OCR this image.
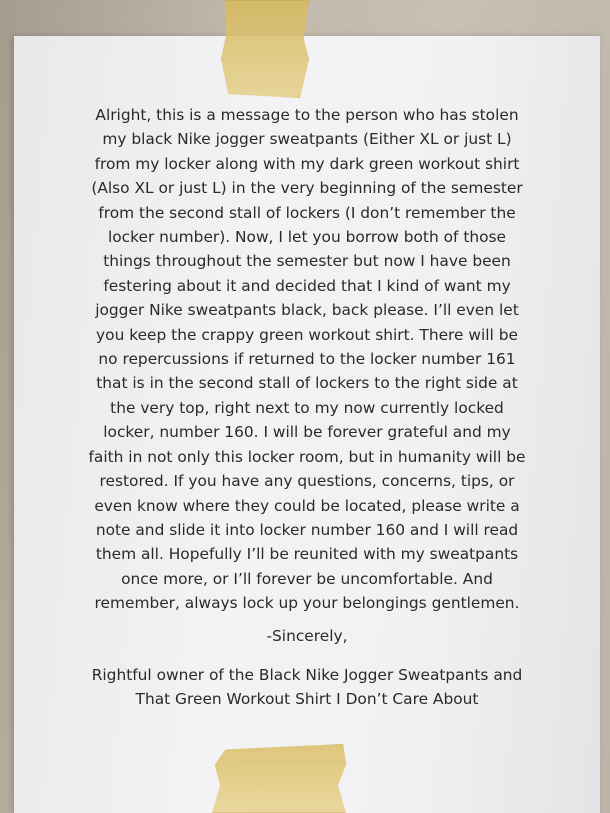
Alright, this is a message to the person who has stolen
my black Nike jogger sweatpants (Either XL or just L)
from my locker along with my dark green workout shirt
(Also XL or just L) in the very beginning of the semester
from the second stall of lockers (I don’t remember the
locker number). Now, I let you borrow both of those
things throughout the semester but now I have been
festering about it and decided that I kind of want my
jogger Nike sweatpants black, back please. I’ll even let
you keep the crappy green workout shirt. There will be
no repercussions if returned to the locker number 161
that is in the second stall of lockers to the right side at
the very top, right next to my now currently locked
locker, number 160. I will be forever grateful and my
faith in not only this locker room, but in humanity will be
restored. If you have any questions, concerns, tips, or
even know where they could be located, please write a
note and slide it into locker number 160 and I will read
them all. Hopefully I’ll be reunited with my sweatpants
once more, or I’ll forever be uncomfortable. And
remember, always lock up your belongings gentlemen.
-Sincerely,
Rightful owner of the Black Nike Jogger Sweatpants and
That Green Workout Shirt I Don’t Care About
